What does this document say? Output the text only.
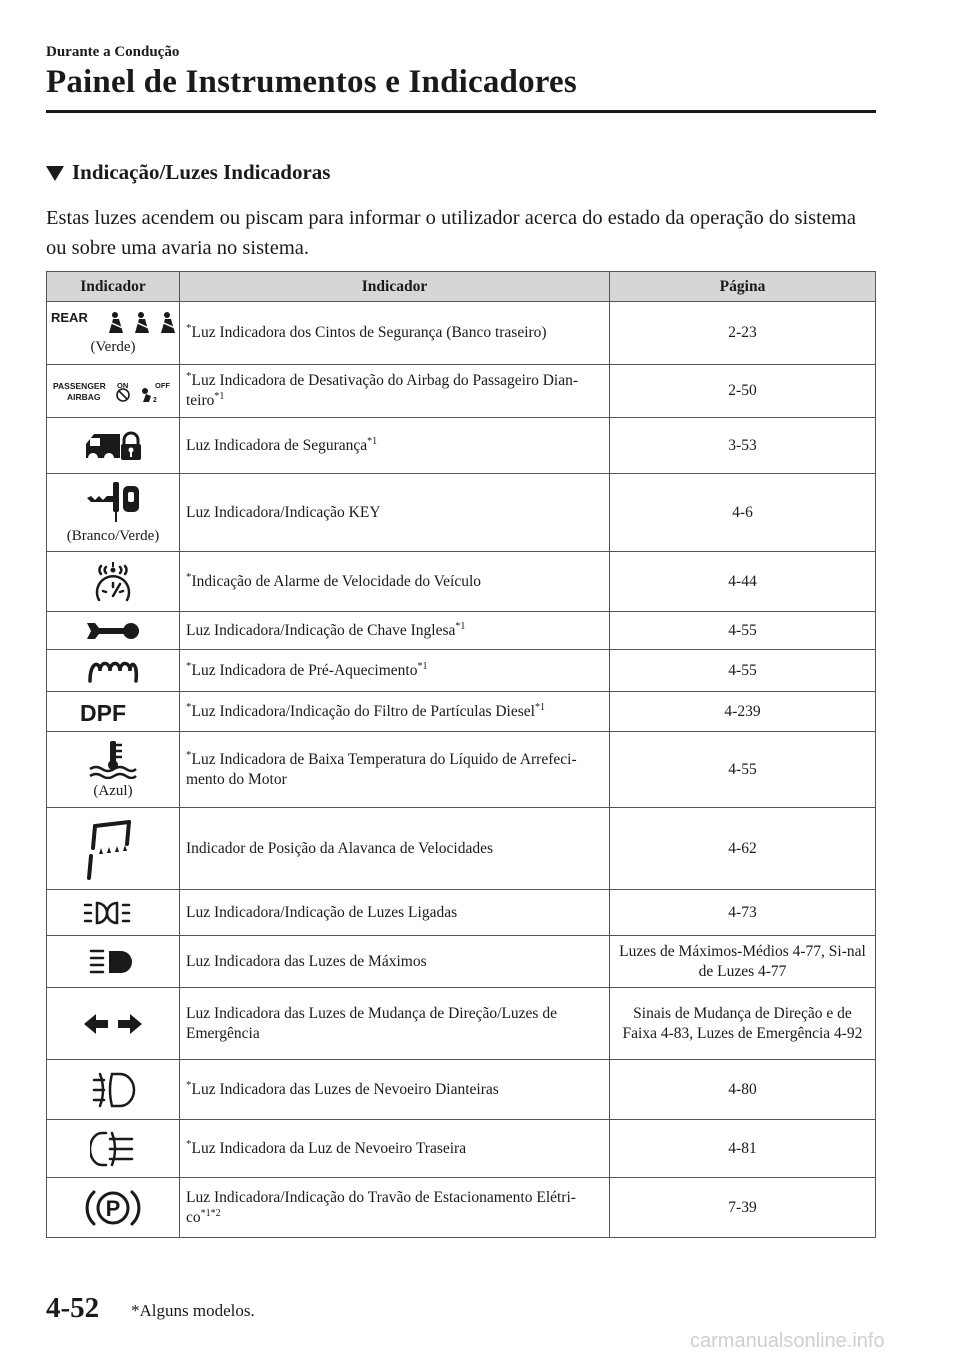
Durante a Condução
Painel de Instrumentos e Indicadores
Indicação/Luzes Indicadoras

Estas luzes acendem ou piscam para informar o utilizador acerca do estado da operação do sistema ou sobre uma avaria no sistema.

Indicador	Indicador	Página

REAR
(Verde)	*Luz Indicadora dos Cintos de Segurança (Banco traseiro)	2-23

PASSENGER
AIRBAG
ON OFF
2	*Luz Indicadora de Desativação do Airbag do Passageiro Dian-teiro$^{*1}$	2-50
	Luz Indicadora de Segurança$^{*1}$	3-53

(Branco/Verde)	Luz Indicadora/Indicação KEY	4-6
	*Indicação de Alarme de Velocidade do Veículo	4-44
	Luz Indicadora/Indicação de Chave Inglesa$^{*1}$	4-55
	*Luz Indicadora de Pré-Aquecimento$^{*1}$	4-55

DPF	*Luz Indicadora/Indicação do Filtro de Partículas Diesel$^{*1}$	4-239

(Azul)	*Luz Indicadora de Baixa Temperatura do Líquido de Arrefeci-mento do Motor	4-55
	Indicador de Posição da Alavanca de Velocidades	4-62
	Luz Indicadora/Indicação de Luzes Ligadas	4-73
	Luz Indicadora das Luzes de Máximos	Luzes de Máximos-Médios 4-77, Si-nal de Luzes 4-77
	Luz Indicadora das Luzes de Mudança de Direção/Luzes de Emergência	Sinais de Mudança de Direção e de Faixa 4-83, Luzes de Emergência 4-92
	*Luz Indicadora das Luzes de Nevoeiro Dianteiras	4-80
	*Luz Indicadora da Luz de Nevoeiro Traseira	4-81

P	Luz Indicadora/Indicação do Travão de Estacionamento Elétri-$co^{*1*2}$	7-39
4-52 *Alguns modelos.
carmanualsonline.info
